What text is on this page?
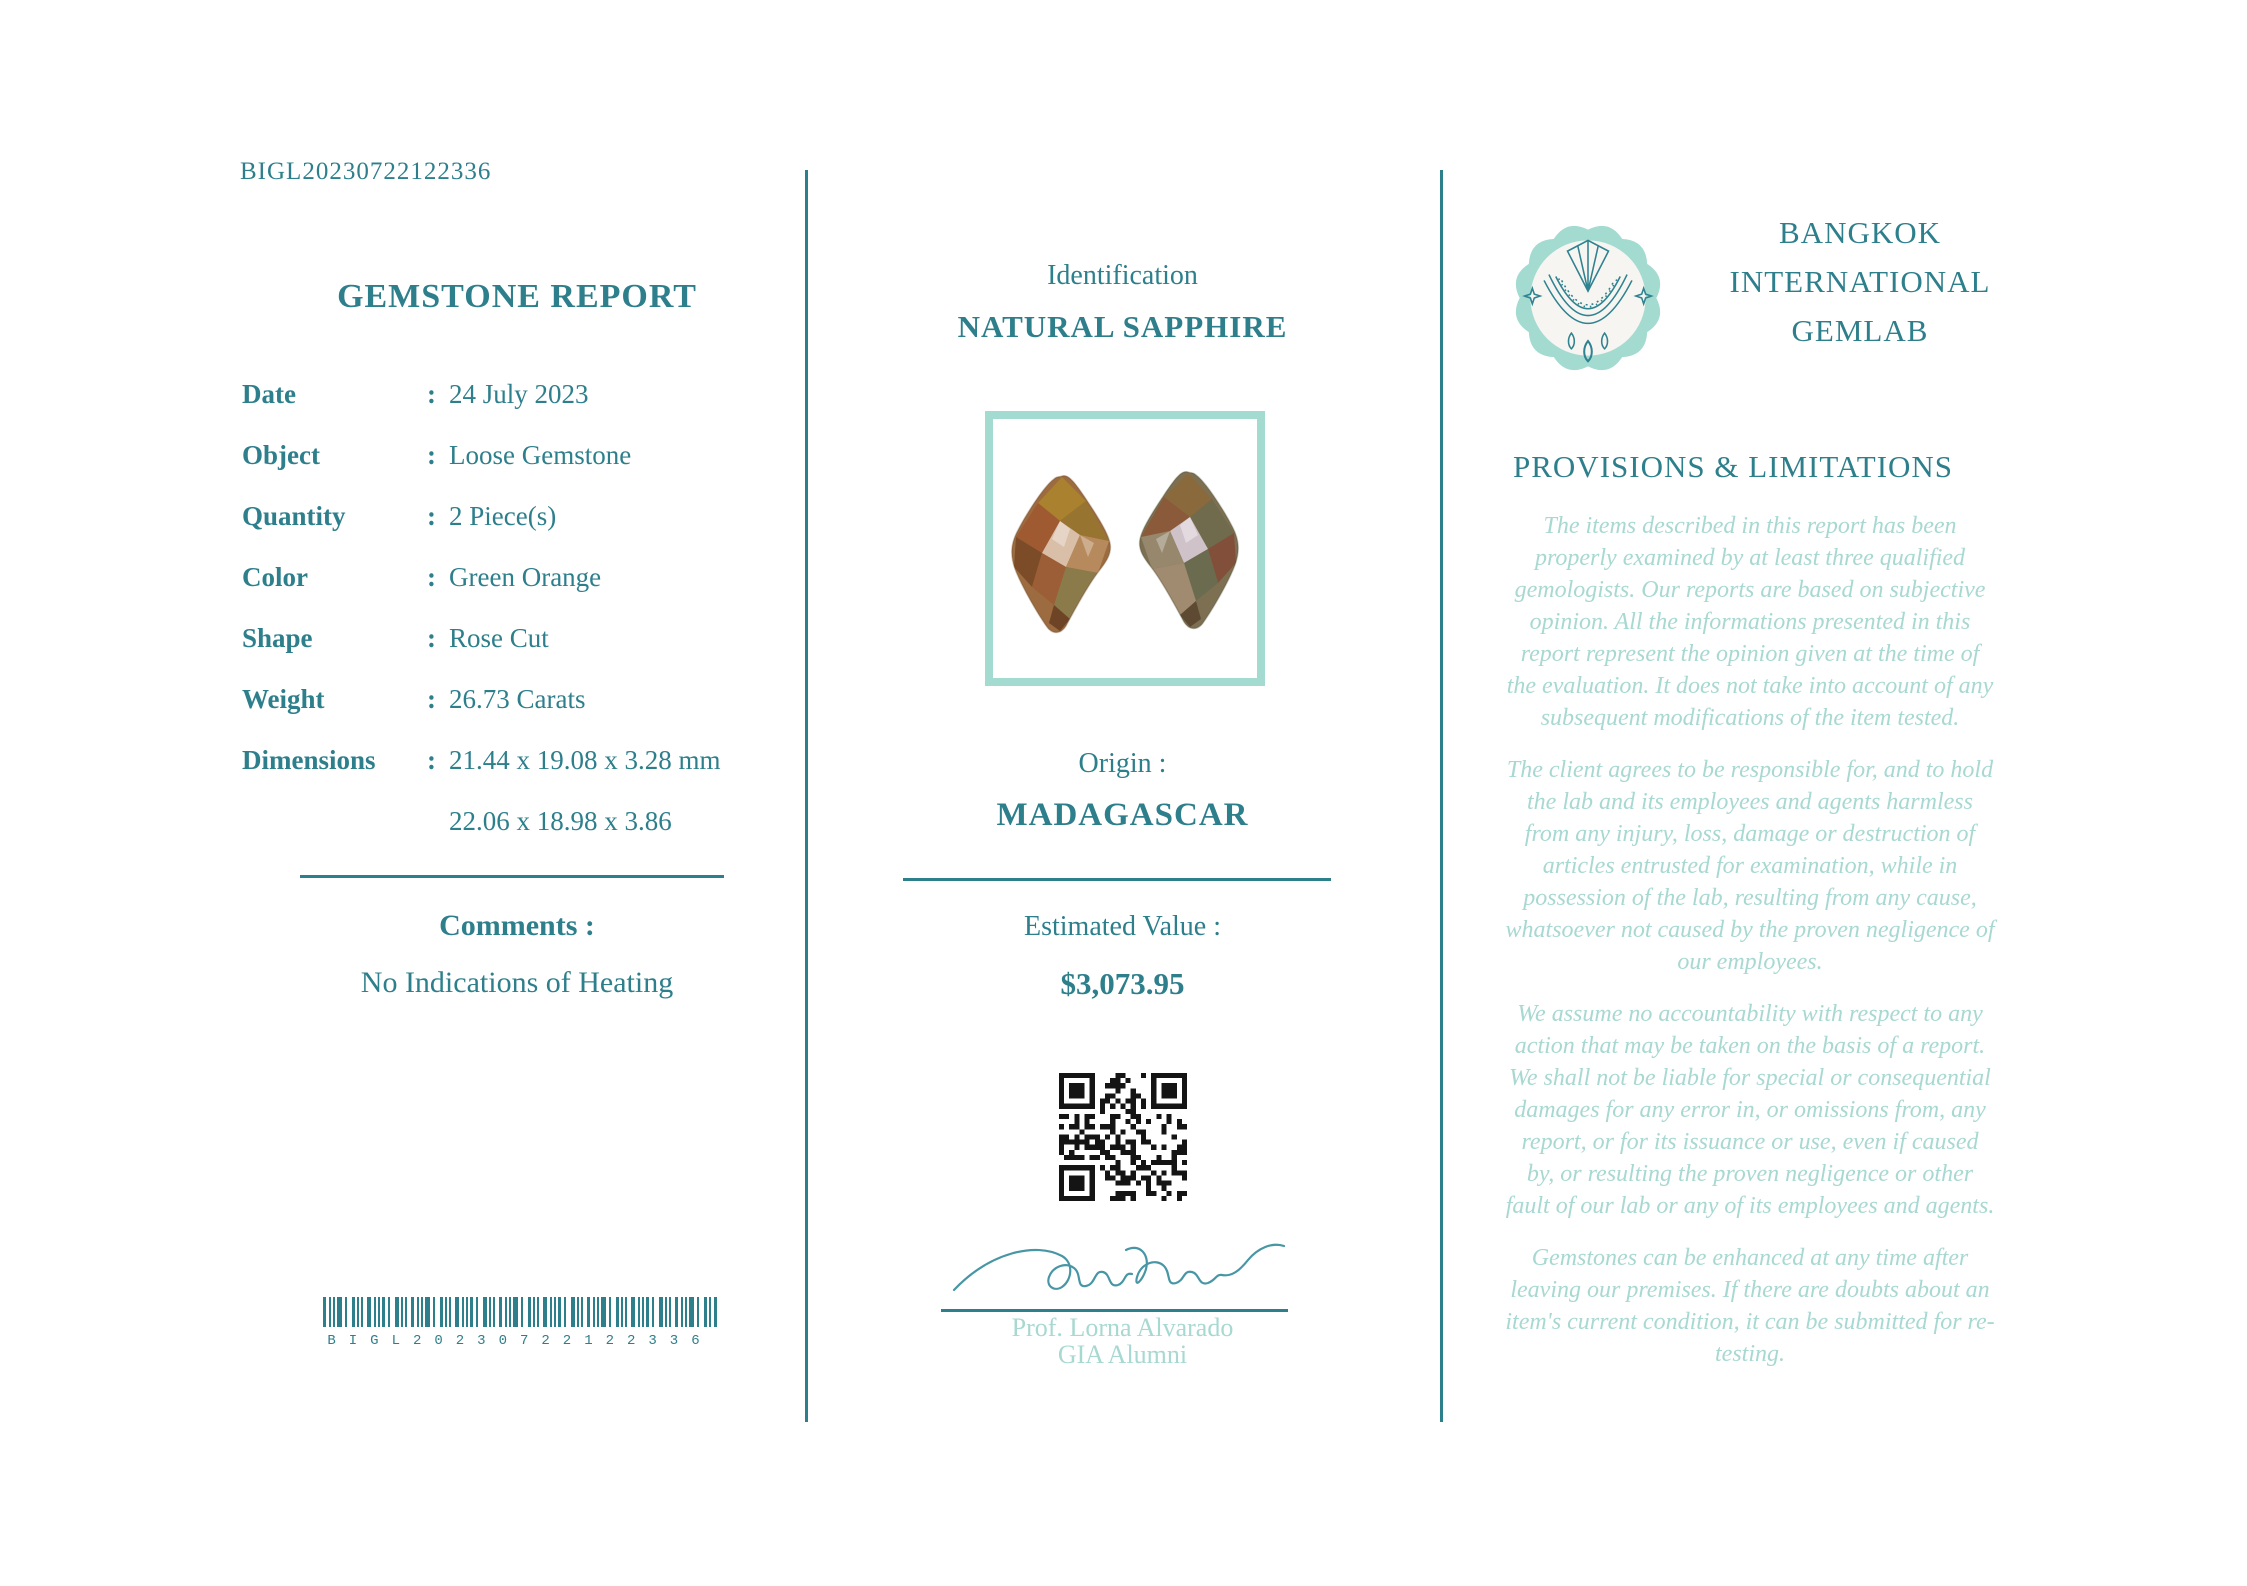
BIGL20230722122336
GEMSTONE REPORT
Date	: 24 July 2023
Object	: Loose Gemstone
Quantity	: 2 Piece(s)
Color	: Green Orange
Shape	: Rose Cut
Weight	: 26.73 Carats
Dimensions	: 21.44 x 19.08 x 3.28 mm
22.06 x 18.98 x 3.86
Comments :
No Indications of Heating
BIGL20230722122336
Identification
NATURAL SAPPHIRE
Origin :
MADAGASCAR
Estimated Value :
$3,073.95
Prof. Lorna Alvarado
GIA Alumni
BANGKOK
INTERNATIONAL
GEMLAB
PROVISIONS & LIMITATIONS

The items described in this report has been properly examined by at least three qualified gemologists. Our reports are based on subjective opinion. All the informations presented in this report represent the opinion given at the time of the evaluation. It does not take into account of any subsequent modifications of the item tested.

The client agrees to be responsible for, and to hold the lab and its employees and agents harmless from any injury, loss, damage or destruction of articles entrusted for examination, while in possession of the lab, resulting from any cause, whatsoever not caused by the proven negligence of our employees.

We assume no accountability with respect to any action that may be taken on the basis of a report. We shall not be liable for special or consequential damages for any error in, or omissions from, any report, or for its issuance or use, even if caused by, or resulting the proven negligence or other fault of our lab or any of its employees and agents.

Gemstones can be enhanced at any time after leaving our premises. If there are doubts about an item's current condition, it can be submitted for re-testing.
